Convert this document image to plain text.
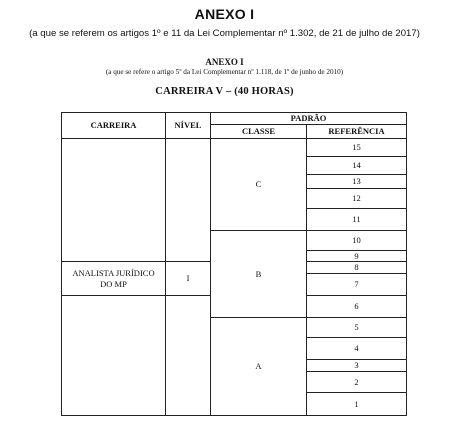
ANEXO I
(a que se referem os artigos 1º e 11 da Lei Complementar nº 1.302, de 21 de julho de 2017)
ANEXO I
(a que se refere o artigo 5º da Lei Complementar nº 1.118, de 1º de junho de 2010)
CARREIRA V – (40 HORAS)
CARREIRA	NÍVEL	PADRÃO	
		CLASSE	REFERÊNCIA
		C	15
			14
			13
			12
			11
		B	10
			9

ANALISTA JURÍDICO
DO MP	I		8
			7
			6
		A	5
			4
			3
			2
			1
